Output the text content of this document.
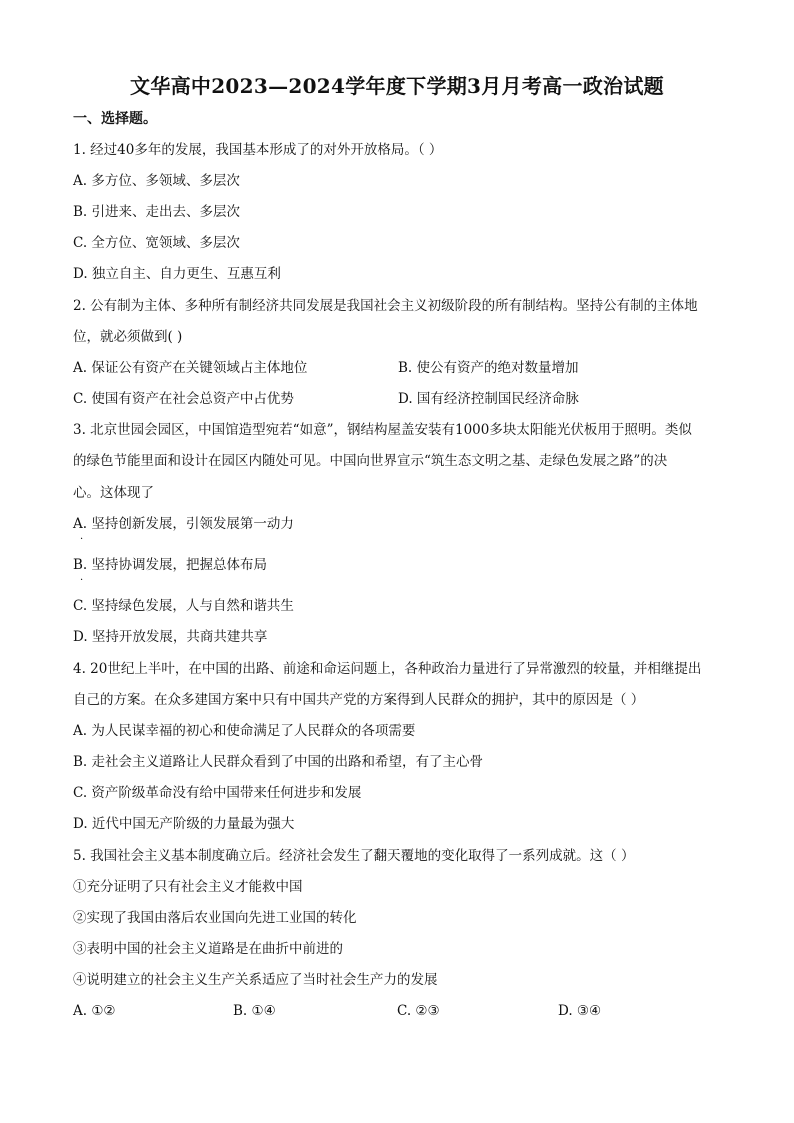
文华高中2023—2024学年度下学期3月月考高一政治试题
一、选择题。
1. 经过40多年的发展，我国基本形成了的对外开放格局。（ ）
A. 多方位、多领域、多层次
B. 引进来、走出去、多层次
C. 全方位、宽领域、多层次
D. 独立自主、自力更生、互惠互利
2. 公有制为主体、多种所有制经济共同发展是我国社会主义初级阶段的所有制结构。坚持公有制的主体地
位，就必须做到( )
A. 保证公有资产在关键领域占主体地位	B. 使公有资产的绝对数量增加
C. 使国有资产在社会总资产中占优势	D. 国有经济控制国民经济命脉
3. 北京世园会园区，中国馆造型宛若“如意”，钢结构屋盖安装有1000多块太阳能光伏板用于照明。类似
的绿色节能里面和设计在园区内随处可见。中国向世界宣示“筑生态文明之基、走绿色发展之路”的决
心。这体现了
A. 坚持创新发展，引领发展第一动力
·
B. 坚持协调发展，把握总体布局
·
C. 坚持绿色发展，人与自然和谐共生
D. 坚持开放发展，共商共建共享
4. 20世纪上半叶，在中国的出路、前途和命运问题上，各种政治力量进行了异常激烈的较量，并相继提出
自己的方案。在众多建国方案中只有中国共产党的方案得到人民群众的拥护，其中的原因是（ ）
A. 为人民谋幸福的初心和使命满足了人民群众的各项需要
B. 走社会主义道路让人民群众看到了中国的出路和希望，有了主心骨
C. 资产阶级革命没有给中国带来任何进步和发展
D. 近代中国无产阶级的力量最为强大
5. 我国社会主义基本制度确立后。经济社会发生了翻天覆地的变化取得了一系列成就。这（ ）
①充分证明了只有社会主义才能救中国
②实现了我国由落后农业国向先进工业国的转化
③表明中国的社会主义道路是在曲折中前进的
④说明建立的社会主义生产关系适应了当时社会生产力的发展
A. ①②	B. ①④	C. ②③	D. ③④
